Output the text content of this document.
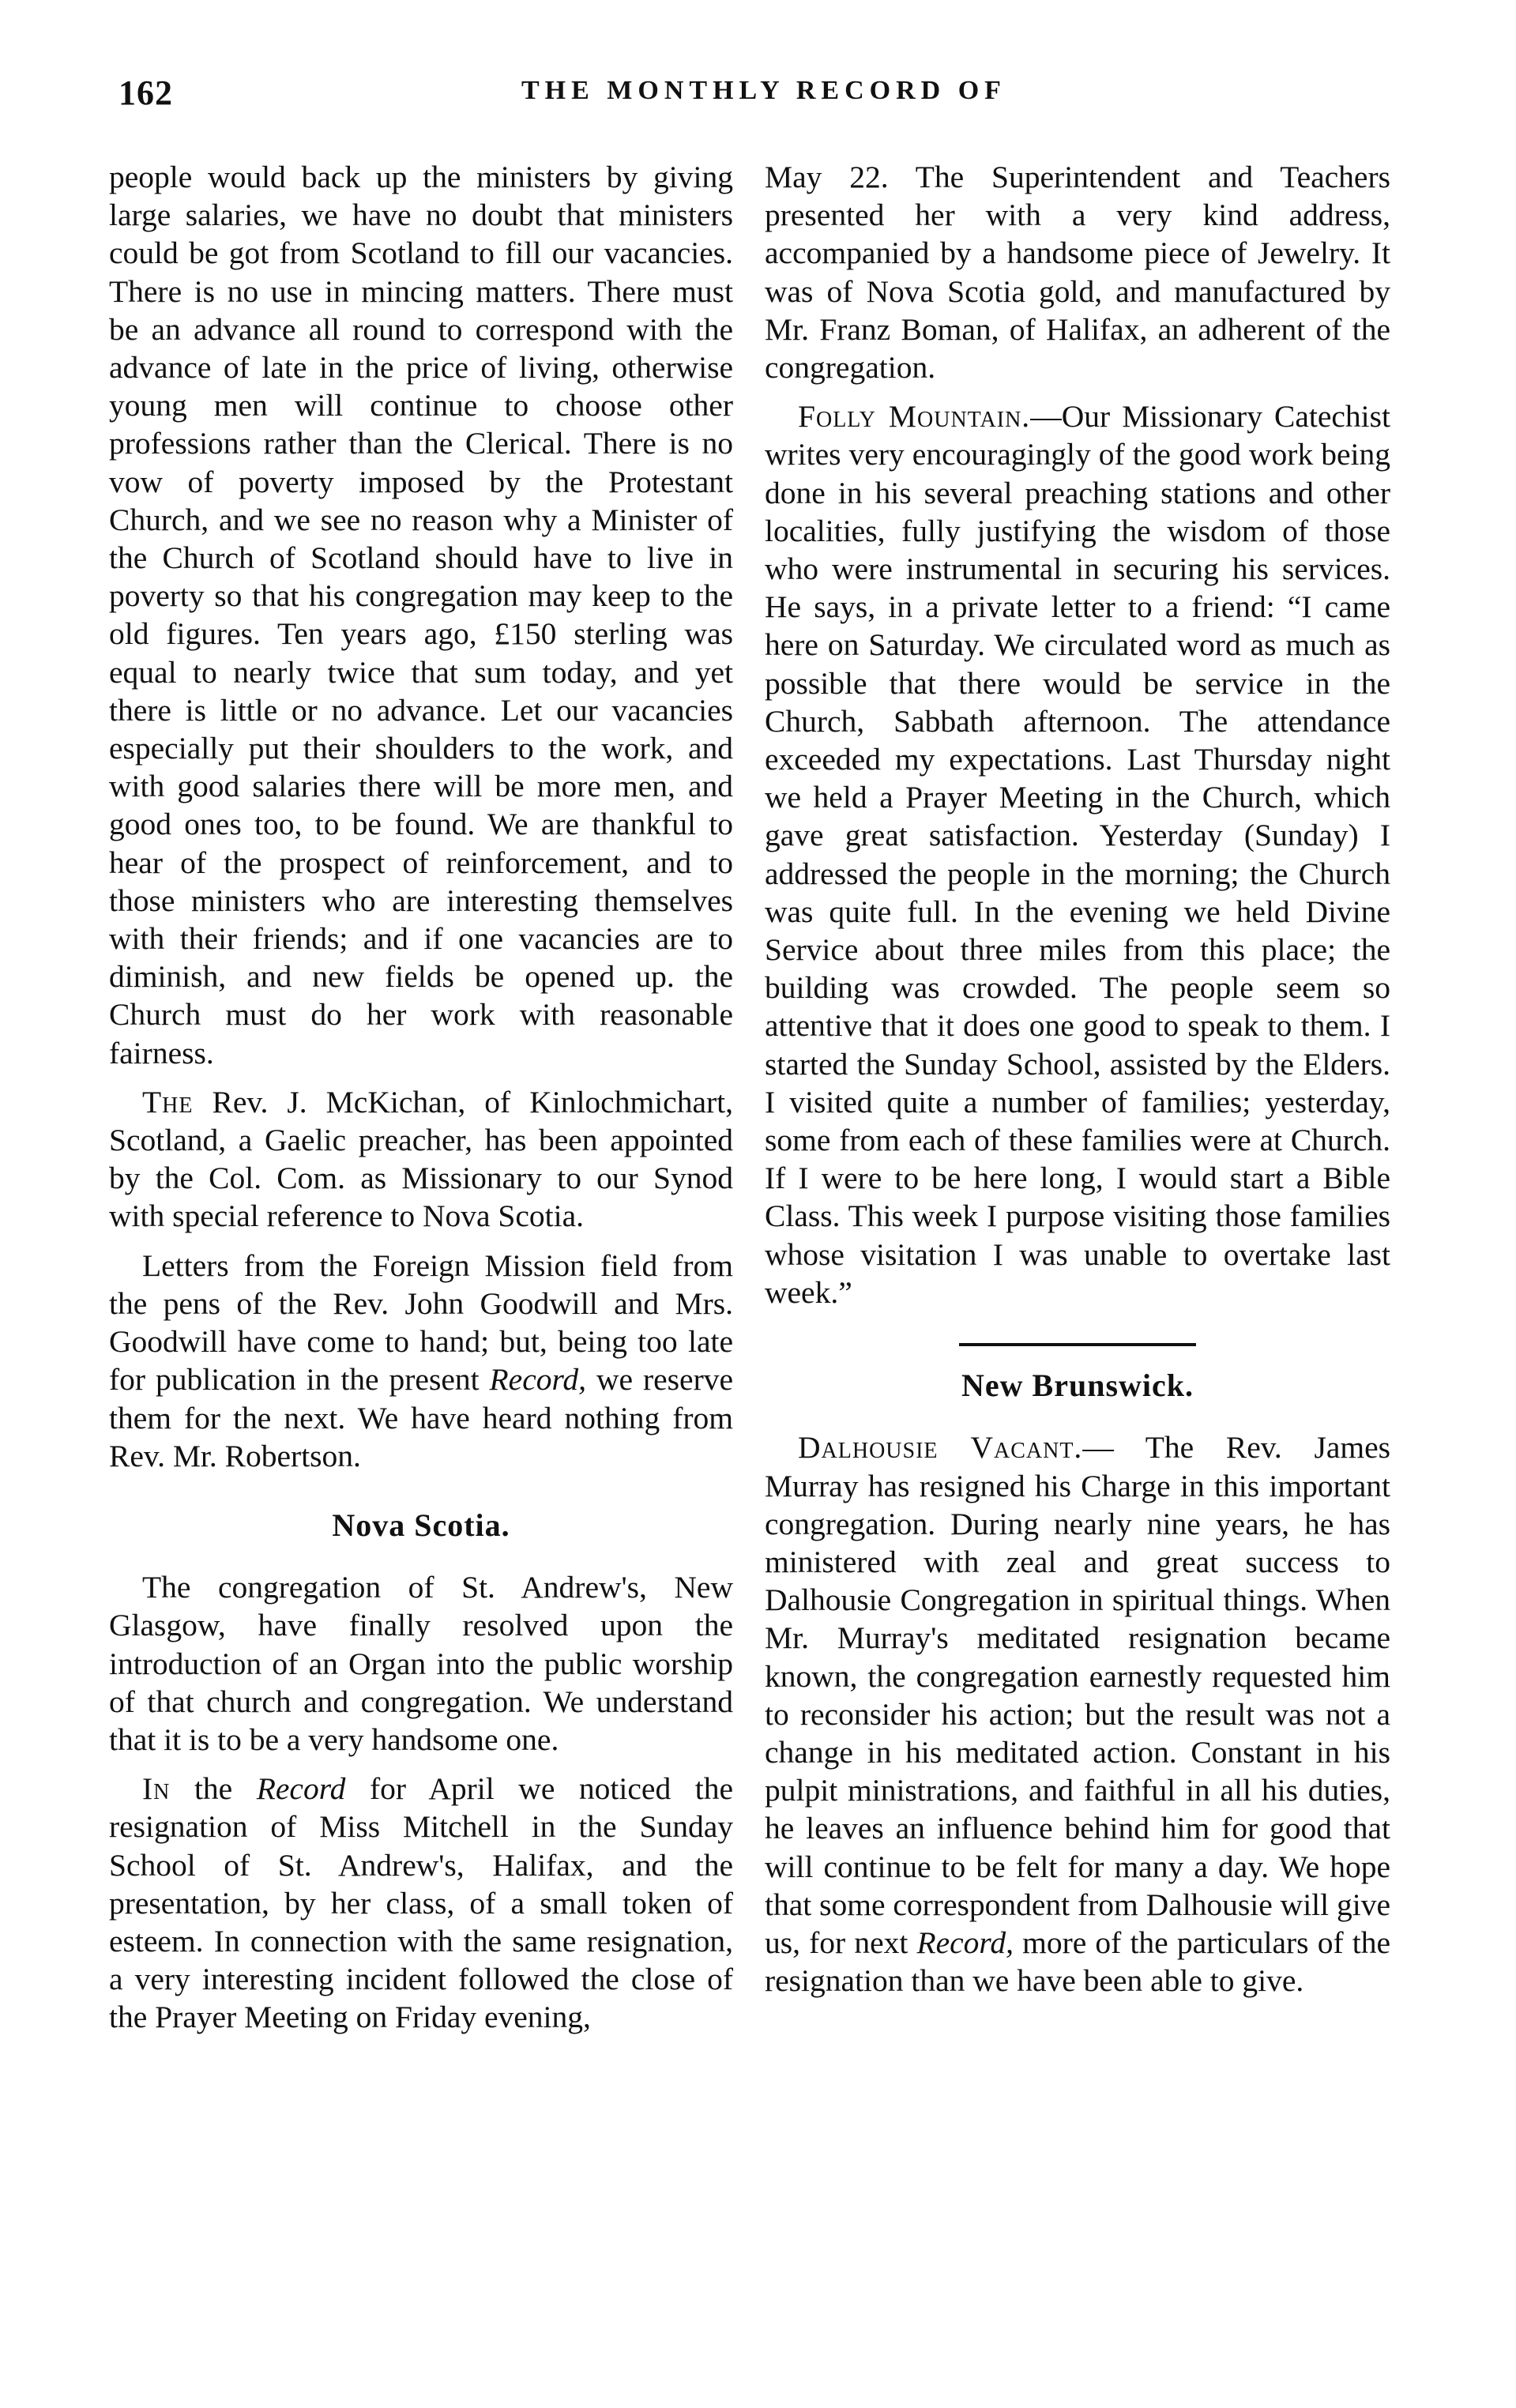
162	THE MONTHLY RECORD OF

people would back up the ministers by giving large salaries, we have no doubt that ministers could be got from Scotland to fill our vacancies. There is no use in mincing matters. There must be an advance all round to correspond with the advance of late in the price of living, otherwise young men will continue to choose other professions rather than the Clerical. There is no vow of poverty imposed by the Protestant Church, and we see no reason why a Minister of the Church of Scotland should have to live in poverty so that his congregation may keep to the old figures. Ten years ago, £150 sterling was equal to nearly twice that sum today, and yet there is little or no advance. Let our vacancies especially put their shoulders to the work, and with good salaries there will be more men, and good ones too, to be found. We are thankful to hear of the prospect of reinforcement, and to those ministers who are interesting themselves with their friends; and if one vacancies are to diminish, and new fields be opened up. the Church must do her work with reasonable fairness.

The Rev. J. McKichan, of Kinlochmichart, Scotland, a Gaelic preacher, has been appointed by the Col. Com. as Missionary to our Synod with special reference to Nova Scotia.

Letters from the Foreign Mission field from the pens of the Rev. John Goodwill and Mrs. Goodwill have come to hand; but, being too late for publication in the present Record, we reserve them for the next. We have heard nothing from Rev. Mr. Robertson.

Nova Scotia.

The congregation of St. Andrew's, New Glasgow, have finally resolved upon the introduction of an Organ into the public worship of that church and congregation. We understand that it is to be a very handsome one.

In the Record for April we noticed the resignation of Miss Mitchell in the Sunday School of St. Andrew's, Halifax, and the presentation, by her class, of a small token of esteem. In connection with the same resignation, a very interesting incident followed the close of the Prayer Meeting on Friday evening,

May 22. The Superintendent and Teachers presented her with a very kind address, accompanied by a handsome piece of Jewelry. It was of Nova Scotia gold, and manufactured by Mr. Franz Boman, of Halifax, an adherent of the congregation.

Folly Mountain.—Our Missionary Catechist writes very encouragingly of the good work being done in his several preaching stations and other localities, fully justifying the wisdom of those who were instrumental in securing his services. He says, in a private letter to a friend: “I came here on Saturday. We circulated word as much as possible that there would be service in the Church, Sabbath afternoon. The attendance exceeded my expectations. Last Thursday night we held a Prayer Meeting in the Church, which gave great satisfaction. Yesterday (Sunday) I addressed the people in the morning; the Church was quite full. In the evening we held Divine Service about three miles from this place; the building was crowded. The people seem so attentive that it does one good to speak to them. I started the Sunday School, assisted by the Elders. I visited quite a number of families; yesterday, some from each of these families were at Church. If I were to be here long, I would start a Bible Class. This week I purpose visiting those families whose visitation I was unable to overtake last week.”

New Brunswick.

Dalhousie Vacant.— The Rev. James Murray has resigned his Charge in this important congregation. During nearly nine years, he has ministered with zeal and great success to Dalhousie Congregation in spiritual things. When Mr. Murray's meditated resignation became known, the congregation earnestly requested him to reconsider his action; but the result was not a change in his meditated action. Constant in his pulpit ministrations, and faithful in all his duties, he leaves an influence behind him for good that will continue to be felt for many a day. We hope that some correspondent from Dalhousie will give us, for next Record, more of the particulars of the resignation than we have been able to give.
